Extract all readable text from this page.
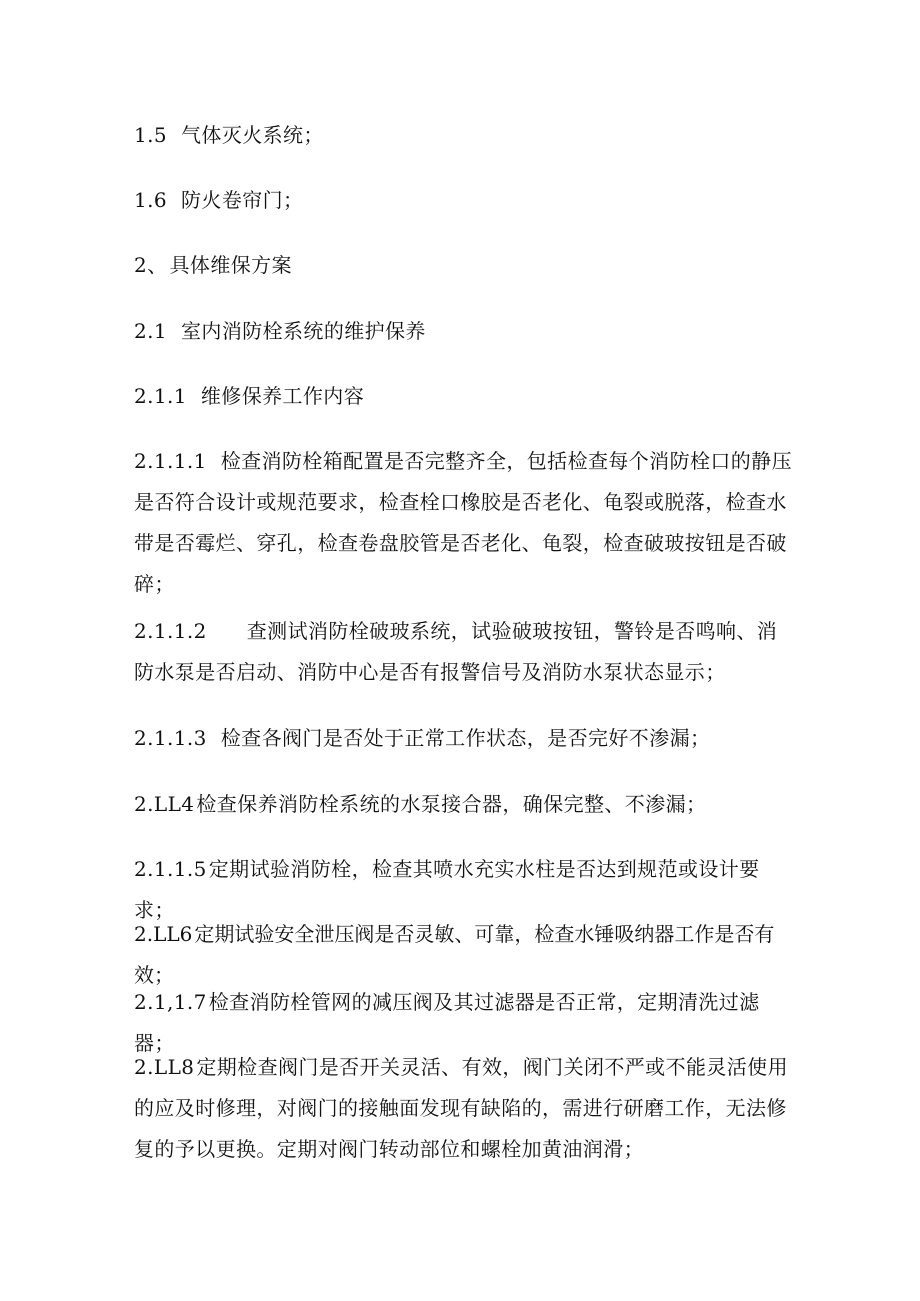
1.5 气体灭火系统；
1.6 防火卷帘门；
2、 具体维保方案
2.1 室内消防栓系统的维护保养
2.1.1 维修保养工作内容
2.1.1.1 检查消防栓箱配置是否完整齐全，包括检查每个消防栓口的静压是否符合设计或规范要求，检查栓口橡胶是否老化、龟裂或脱落，检查水带是否霉烂、穿孔，检查卷盘胶管是否老化、龟裂，检查破玻按钮是否破碎；
2.1.1.2 查测试消防栓破玻系统，试验破玻按钮，警铃是否鸣响、消防水泵是否启动、消防中心是否有报警信号及消防水泵状态显示；
2.1.1.3 检查各阀门是否处于正常工作状态，是否完好不渗漏；
2.LL4 检查保养消防栓系统的水泵接合器，确保完整、不渗漏；
2.1.1.5 定期试验消防栓，检查其喷水充实水柱是否达到规范或设计要求；
2.LL6 定期试验安全泄压阀是否灵敏、可靠，检查水锤吸纳器工作是否有效；
2.1,1.7 检查消防栓管网的减压阀及其过滤器是否正常，定期清洗过滤器；
2.LL8 定期检查阀门是否开关灵活、有效，阀门关闭不严或不能灵活使用的应及时修理，对阀门的接触面发现有缺陷的，需进行研磨工作，无法修复的予以更换。定期对阀门转动部位和螺栓加黄油润滑；
